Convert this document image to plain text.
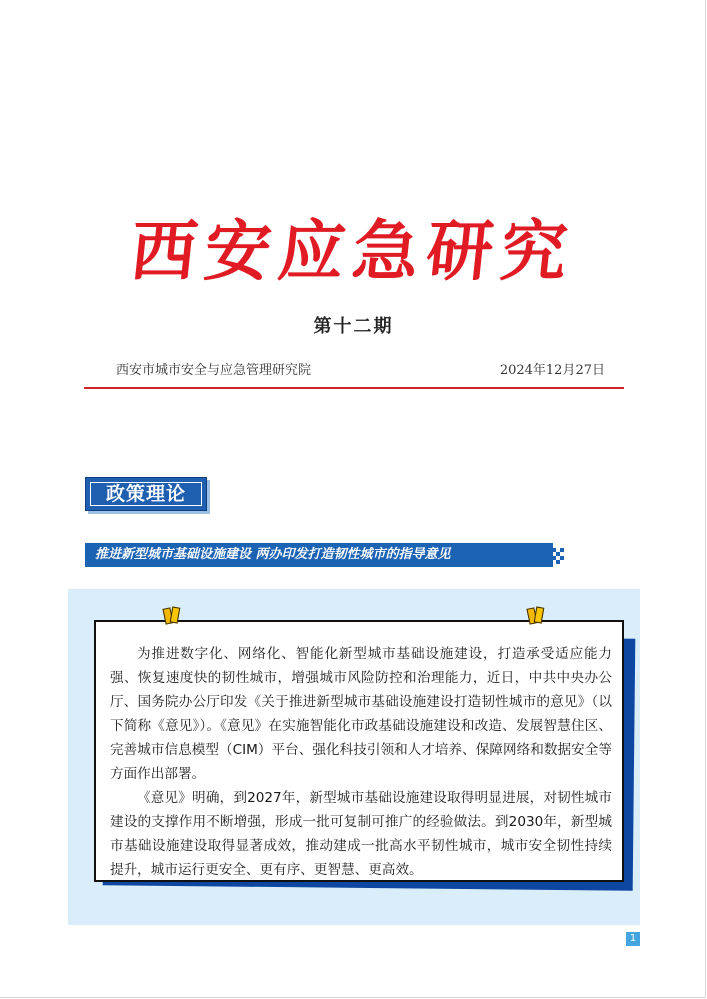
西安应急研究
第十二期
西安市城市安全与应急管理研究院	2024年12月27日
政策理论
推进新型城市基础设施建设 两办印发打造韧性城市的指导意见

为推进数字化、网络化、智能化新型城市基础设施建设，打造承受适应能力强、恢复速度快的韧性城市，增强城市风险防控和治理能力，近日，中共中央办公厅、国务院办公厅印发《关于推进新型城市基础设施建设打造韧性城市的意见》（以下简称《意见》）。《意见》在实施智能化市政基础设施建设和改造、发展智慧住区、完善城市信息模型（CIM）平台、强化科技引领和人才培养、保障网络和数据安全等方面作出部署。

《意见》明确，到2027年，新型城市基础设施建设取得明显进展，对韧性城市建设的支撑作用不断增强，形成一批可复制可推广的经验做法。到2030年，新型城市基础设施建设取得显著成效，推动建成一批高水平韧性城市，城市安全韧性持续提升，城市运行更安全、更有序、更智慧、更高效。

1
